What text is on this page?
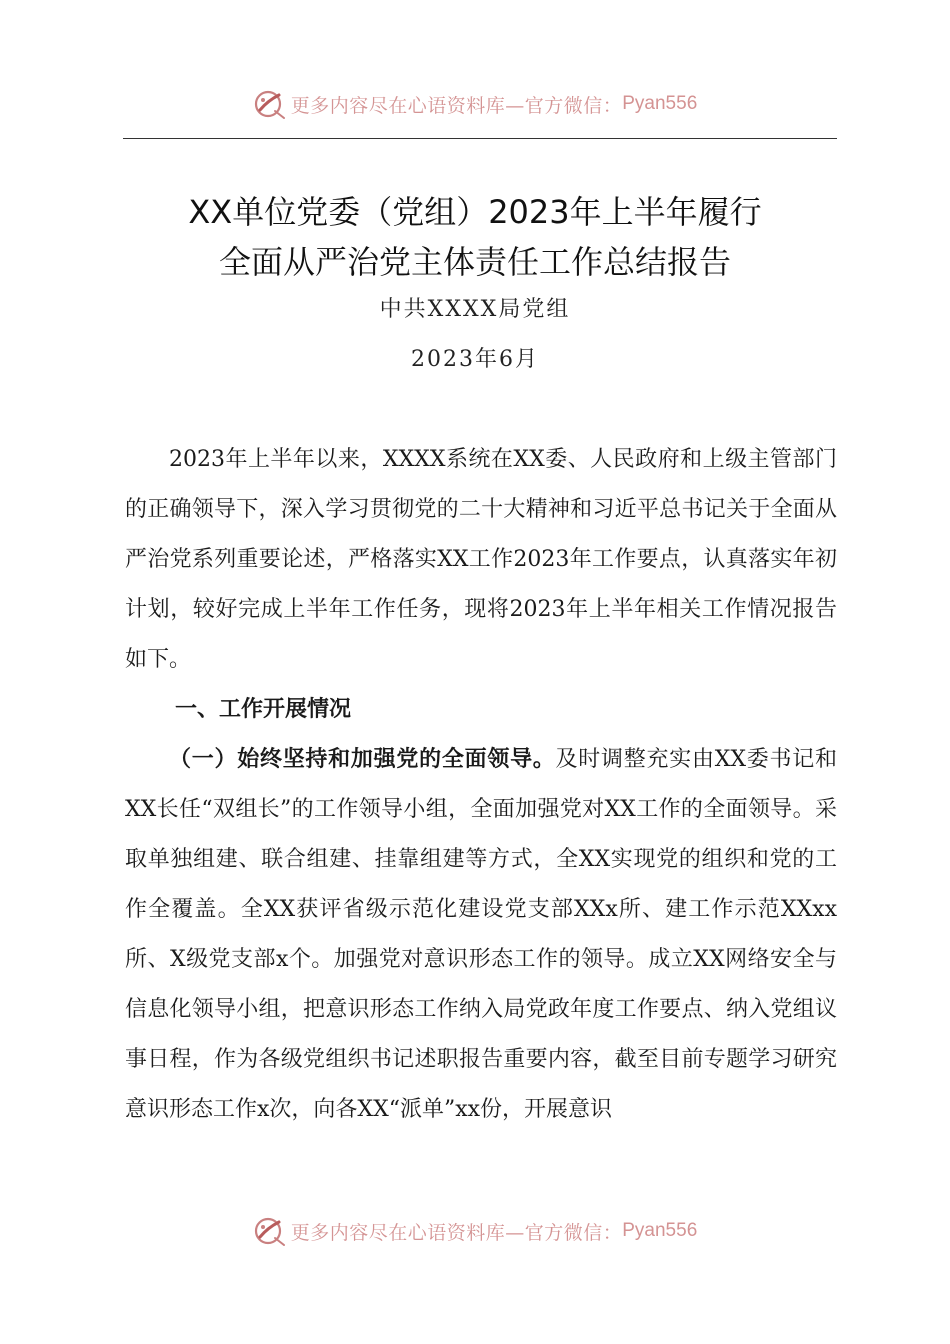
更多内容尽在心语资料库—官方微信： Pyan556
XX单位党委（党组）2023年上半年履行
全面从严治党主体责任工作总结报告
中共XXXX局党组
2023年6月

2023年上半年以来，XXXX系统在XX委、人民政府和上级主管部门的正确领导下，深入学习贯彻党的二十大精神和习近平总书记关于全面从严治党系列重要论述，严格落实XX工作2023年工作要点，认真落实年初计划，较好完成上半年工作任务，现将2023年上半年相关工作情况报告如下。

一、工作开展情况

（一）始终坚持和加强党的全面领导。及时调整充实由XX委书记和XX长任“双组长”的工作领导小组，全面加强党对XX工作的全面领导。采取单独组建、联合组建、挂靠组建等方式，全XX实现党的组织和党的工作全覆盖。全XX获评省级示范化建设党支部XXx所、建工作示范XXxx所、X级党支部x个。加强党对意识形态工作的领导。成立XX网络安全与信息化领导小组，把意识形态工作纳入局党政年度工作要点、纳入党组议事日程，作为各级党组织书记述职报告重要内容，截至目前专题学习研究意识形态工作x次，向各XX“派单”xx份，开展意识

更多内容尽在心语资料库—官方微信： Pyan556
